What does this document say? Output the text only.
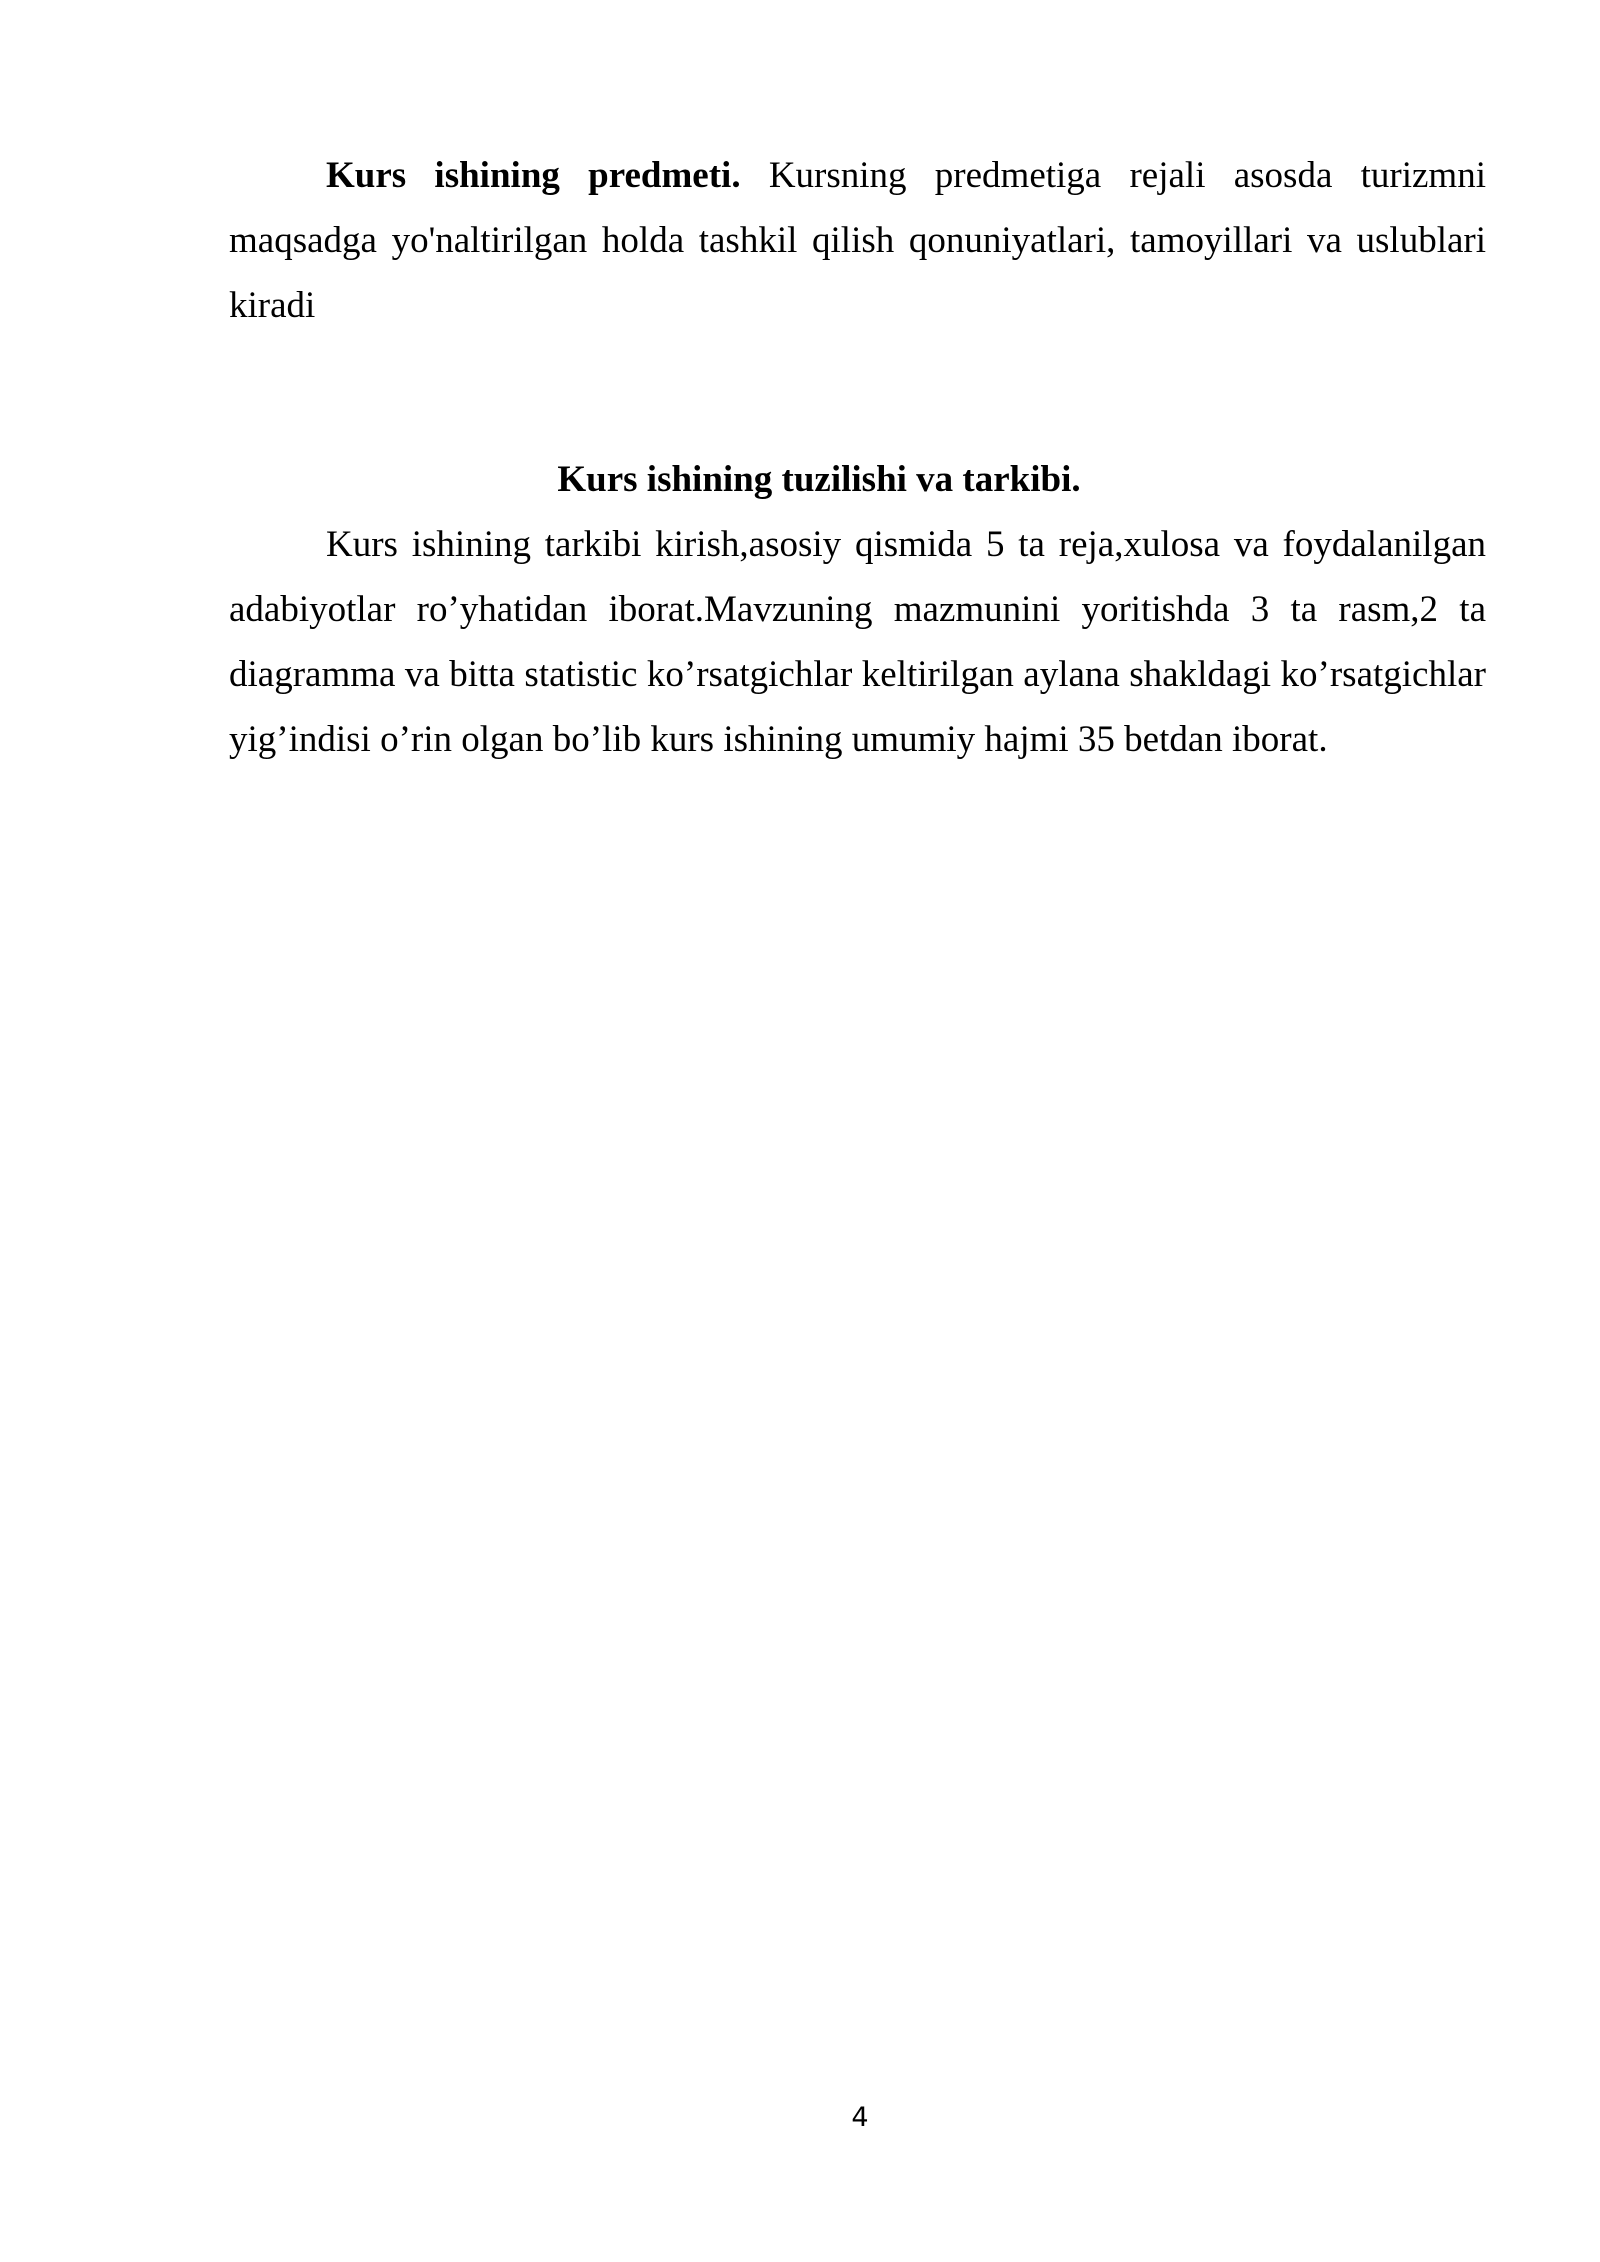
Kurs ishining predmeti. Kursning predmetiga rejali asosda turizmni maqsadga yo'naltirilgan holda tashkil qilish qonuniyatlari, tamoyillari va uslublari kiradi

Kurs ishining tuzilishi va tarkibi.

Kurs ishining tarkibi kirish,asosiy qismida 5 ta reja,xulosa va foydalanilgan adabiyotlar ro’yhatidan iborat.Mavzuning mazmunini yoritishda 3 ta rasm,2 ta diagramma va bitta statistic ko’rsatgichlar keltirilgan aylana shakldagi ko’rsatgichlar yig’indisi o’rin olgan bo’lib kurs ishining umumiy hajmi 35 betdan iborat.

4
